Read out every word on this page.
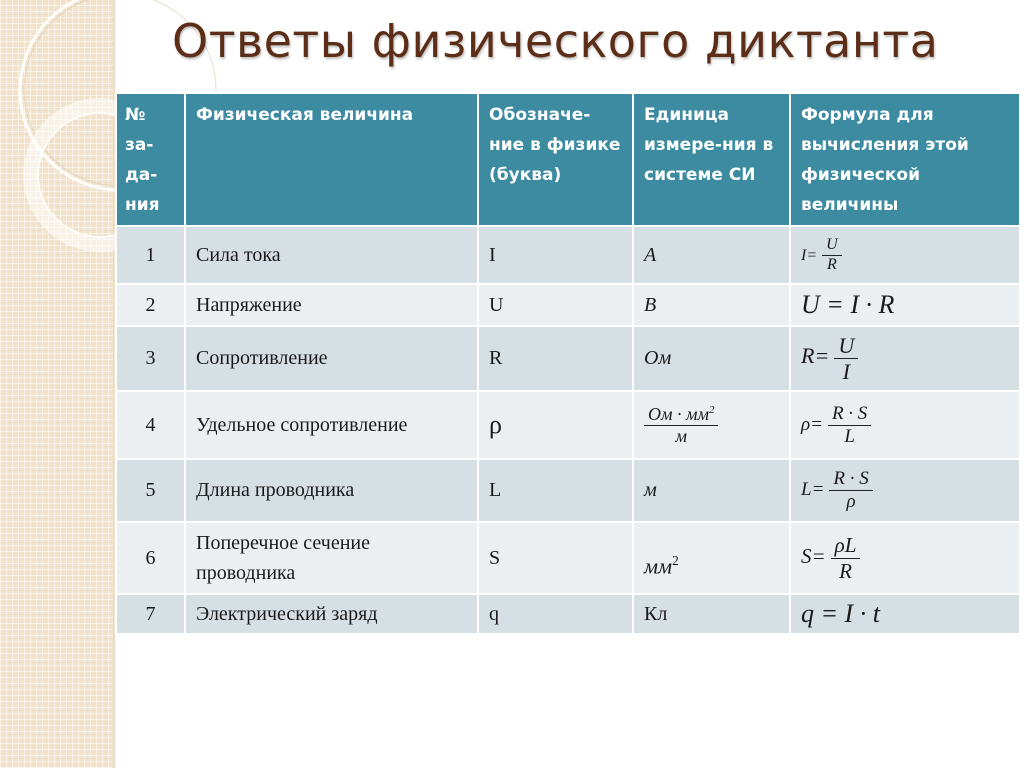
Ответы физического диктанта
№ за-да-ния	Физическая величина	Обозначе-ние в физике (буква)	Единица измере-ния в системе СИ	Формула для вычисления этой физической величины
1	Сила тока	I	А	$I= \frac{U}{R}$

2	Напряжение	U	В	U = I · R
3	Сопротивление	R	Ом	$R= \frac{U}{I}$

4	Удельное сопротивление	ρ	$\frac{Ом \cdot мм^2}{м}$	$\rho= \frac{R \cdot S}{L}$

5	Длина проводника	L	м	$L= \frac{R \cdot S}{\rho}$

6	Поперечное сечение проводника	S	$мм^2$	$S= \frac{\rho L}{R}$

7	Электрический заряд	q	Кл	q = I · t
